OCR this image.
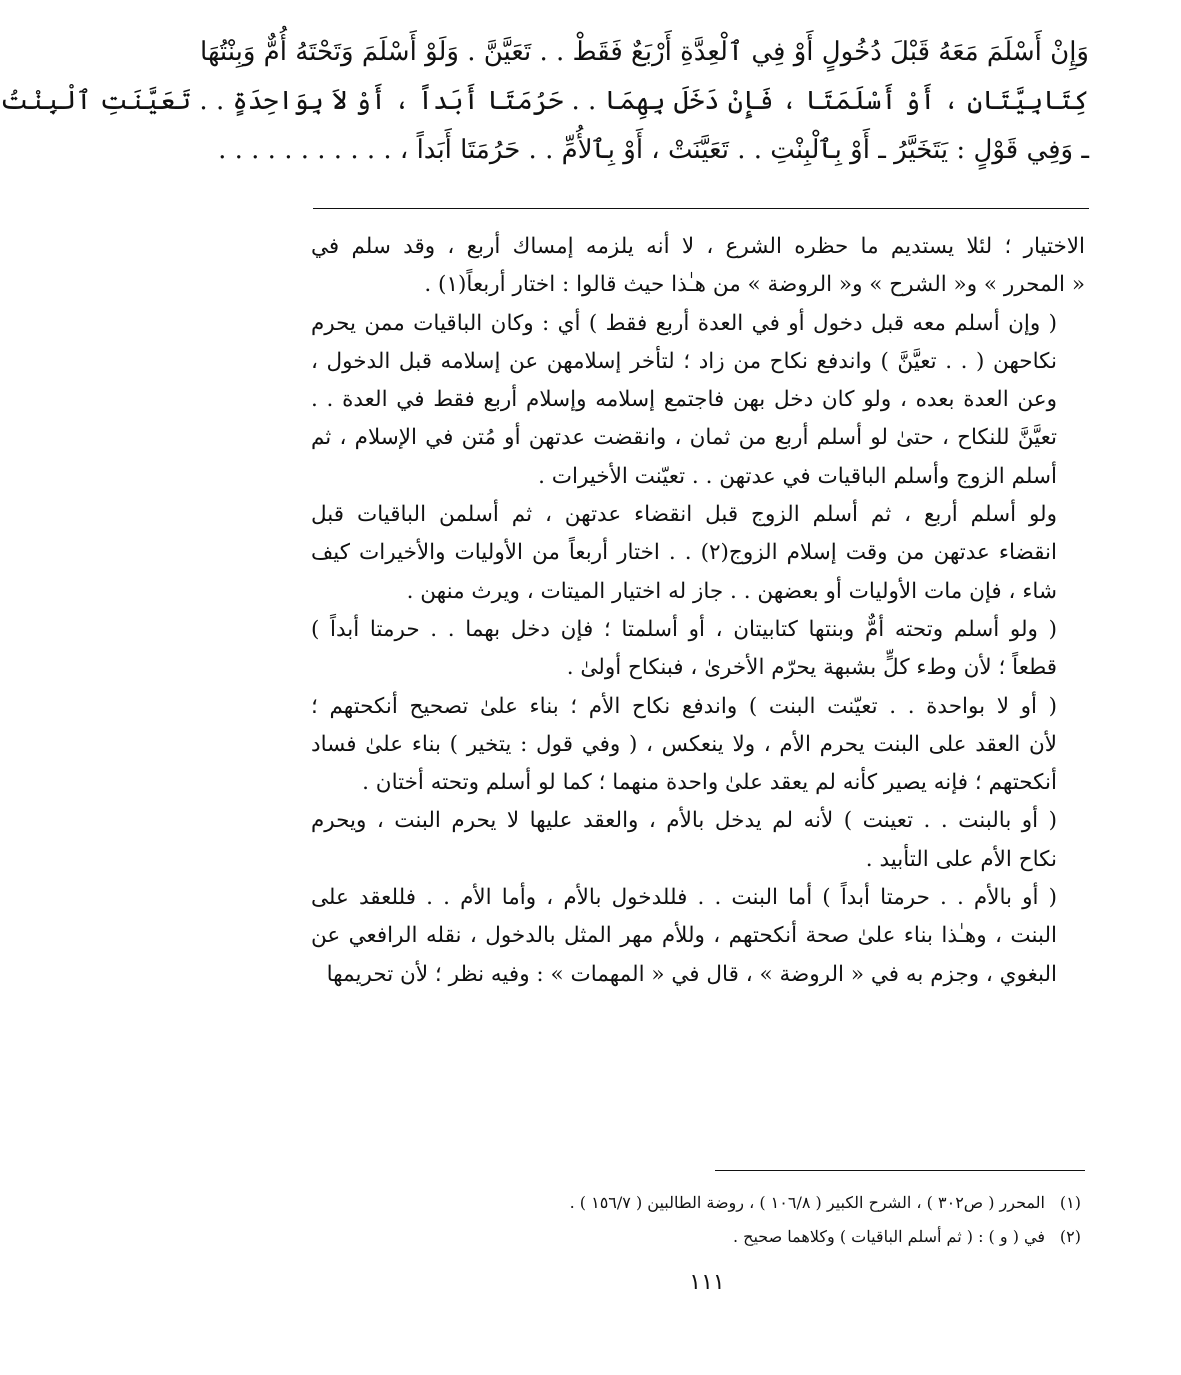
وَإِنْ أَسْلَمَ مَعَهُ قَبْلَ دُخُولٍ أَوْ فِي ٱلْعِدَّةِ أَرْبَعٌ فَقَطْ . . تَعَيَّنَّ . وَلَوْ أَسْلَمَ وَتَحْتَهُ أُمٌّ وَبِنْتُهَا
كِتَابِيَّتَانِ ، أَوْ أَسْلَمَتَا ، فَإِنْ دَخَلَ بِهِمَا . . حَرُمَتَا أَبَداً ، أَوْ لاَ بِوَاحِدَةٍ . . تَعَيَّنَتِ ٱلْبِنْتُ
ـ وَفِي قَوْلٍ : يَتَخَيَّرُ ـ أَوْ بِٱلْبِنْتِ . . تَعَيَّنَتْ ، أَوْ بِٱلأُمِّ . . حَرُمَتَا أَبَداً ، . . . . . . . . . . .

الاختيار ؛ لئلا يستديم ما حظره الشرع ، لا أنه يلزمه إمساك أربع ، وقد سلم في
« المحرر » و« الشرح » و« الروضة » من هـٰذا حيث قالوا : اختار أربعاً(١) .

( وإن أسلم معه قبل دخول أو في العدة أربع فقط ) أي : وكان الباقيات ممن يحرم
نكاحهن ( . . تعيَّنَّ ) واندفع نكاح من زاد ؛ لتأخر إسلامهن عن إسلامه قبل الدخول ،
وعن العدة بعده ، ولو كان دخل بهن فاجتمع إسلامه وإسلام أربع فقط في العدة . .
تعيَّنَّ للنكاح ، حتىٰ لو أسلم أربع من ثمان ، وانقضت عدتهن أو مُتن في الإسلام ، ثم
أسلم الزوج وأسلم الباقيات في عدتهن . . تعيّنت الأخيرات .

ولو أسلم أربع ، ثم أسلم الزوج قبل انقضاء عدتهن ، ثم أسلمن الباقيات قبل
انقضاء عدتهن من وقت إسلام الزوج(٢) . . اختار أربعاً من الأوليات والأخيرات كيف
شاء ، فإن مات الأوليات أو بعضهن . . جاز له اختيار الميتات ، ويرث منهن .

( ولو أسلم وتحته أمٌّ وبنتها كتابيتان ، أو أسلمتا ؛ فإن دخل بهما . . حرمتا أبداً )
قطعاً ؛ لأن وطء كلٍّ بشبهة يحرّم الأخرىٰ ، فبنكاح أولىٰ .

( أو لا بواحدة . . تعيّنت البنت ) واندفع نكاح الأم ؛ بناء علىٰ تصحيح أنكحتهم ؛
لأن العقد على البنت يحرم الأم ، ولا ينعكس ، ( وفي قول : يتخير ) بناء علىٰ فساد
أنكحتهم ؛ فإنه يصير كأنه لم يعقد علىٰ واحدة منهما ؛ كما لو أسلم وتحته أختان .

( أو بالبنت . . تعينت ) لأنه لم يدخل بالأم ، والعقد عليها لا يحرم البنت ، ويحرم
نكاح الأم على التأبيد .

( أو بالأم . . حرمتا أبداً ) أما البنت . . فللدخول بالأم ، وأما الأم . . فللعقد على
البنت ، وهـٰذا بناء علىٰ صحة أنكحتهم ، وللأم مهر المثل بالدخول ، نقله الرافعي عن
البغوي ، وجزم به في « الروضة » ، قال في « المهمات » : وفيه نظر ؛ لأن تحريمها

(١)المحرر ( ص٣٠٢ ) ، الشرح الكبير ( ١٠٦/٨ ) ، روضة الطالبين ( ١٥٦/٧ ) .
(٢)في ( و ) : ( ثم أسلم الباقيات ) وكلاهما صحيح .
١١١
